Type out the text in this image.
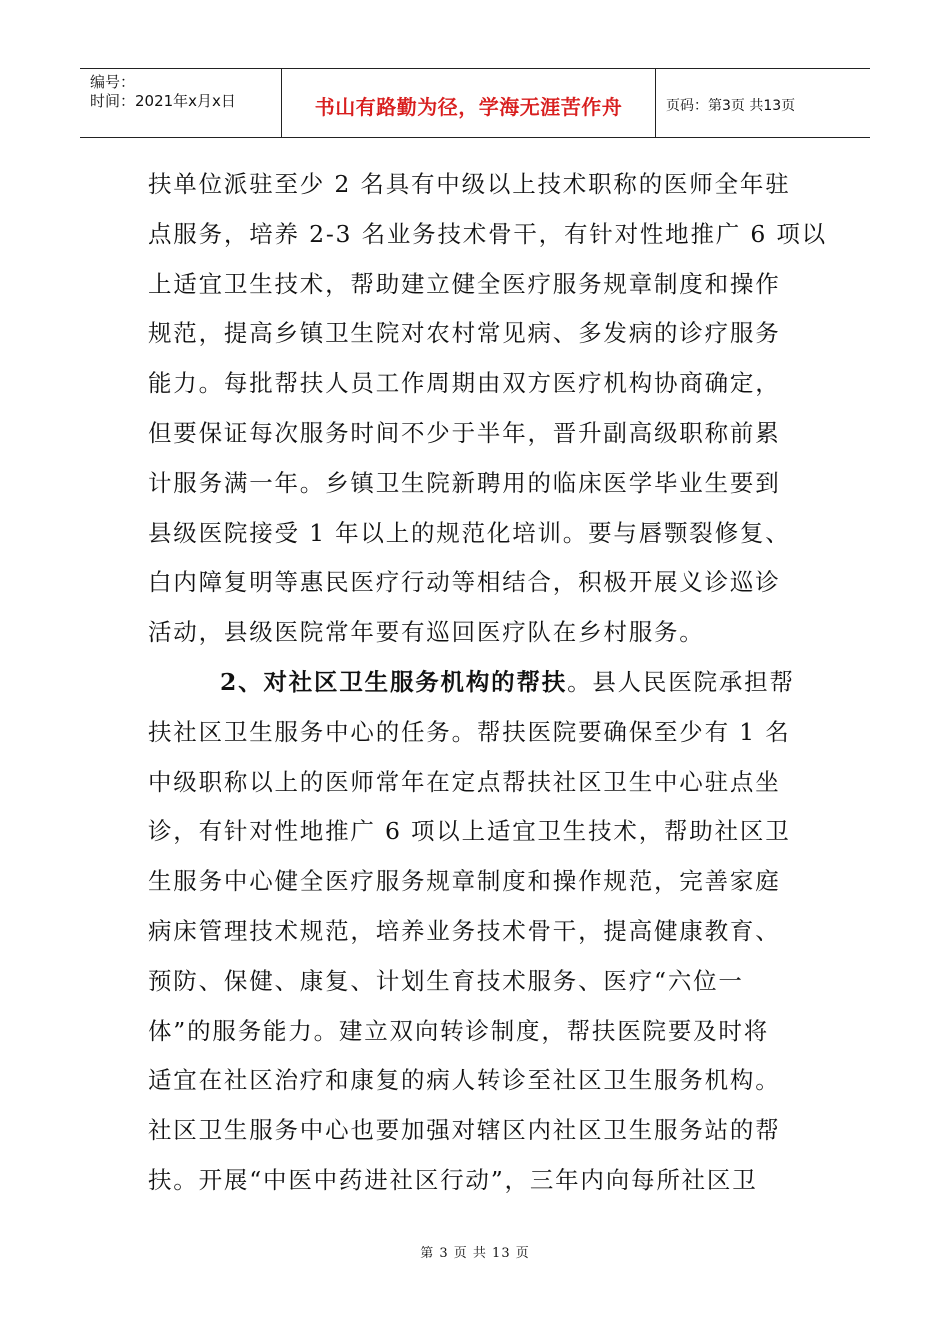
编号：
时间：2021年x月x日	书山有路勤为径，学海无涯苦作舟	页码：第3页 共13页
扶单位派驻至少 2 名具有中级以上技术职称的医师全年驻
点服务，培养 2-3 名业务技术骨干，有针对性地推广 6 项以
上适宜卫生技术，帮助建立健全医疗服务规章制度和操作
规范，提高乡镇卫生院对农村常见病、多发病的诊疗服务
能力。每批帮扶人员工作周期由双方医疗机构协商确定，
但要保证每次服务时间不少于半年，晋升副高级职称前累
计服务满一年。乡镇卫生院新聘用的临床医学毕业生要到
县级医院接受 1 年以上的规范化培训。要与唇颚裂修复、
白内障复明等惠民医疗行动等相结合，积极开展义诊巡诊
活动，县级医院常年要有巡回医疗队在乡村服务。
2、对社区卫生服务机构的帮扶。县人民医院承担帮
扶社区卫生服务中心的任务。帮扶医院要确保至少有 1 名
中级职称以上的医师常年在定点帮扶社区卫生中心驻点坐
诊，有针对性地推广 6 项以上适宜卫生技术，帮助社区卫
生服务中心健全医疗服务规章制度和操作规范，完善家庭
病床管理技术规范，培养业务技术骨干，提高健康教育、
预防、保健、康复、计划生育技术服务、医疗“六位一
体”的服务能力。建立双向转诊制度，帮扶医院要及时将
适宜在社区治疗和康复的病人转诊至社区卫生服务机构。
社区卫生服务中心也要加强对辖区内社区卫生服务站的帮
扶。开展“中医中药进社区行动”，三年内向每所社区卫
第 3 页 共 13 页
